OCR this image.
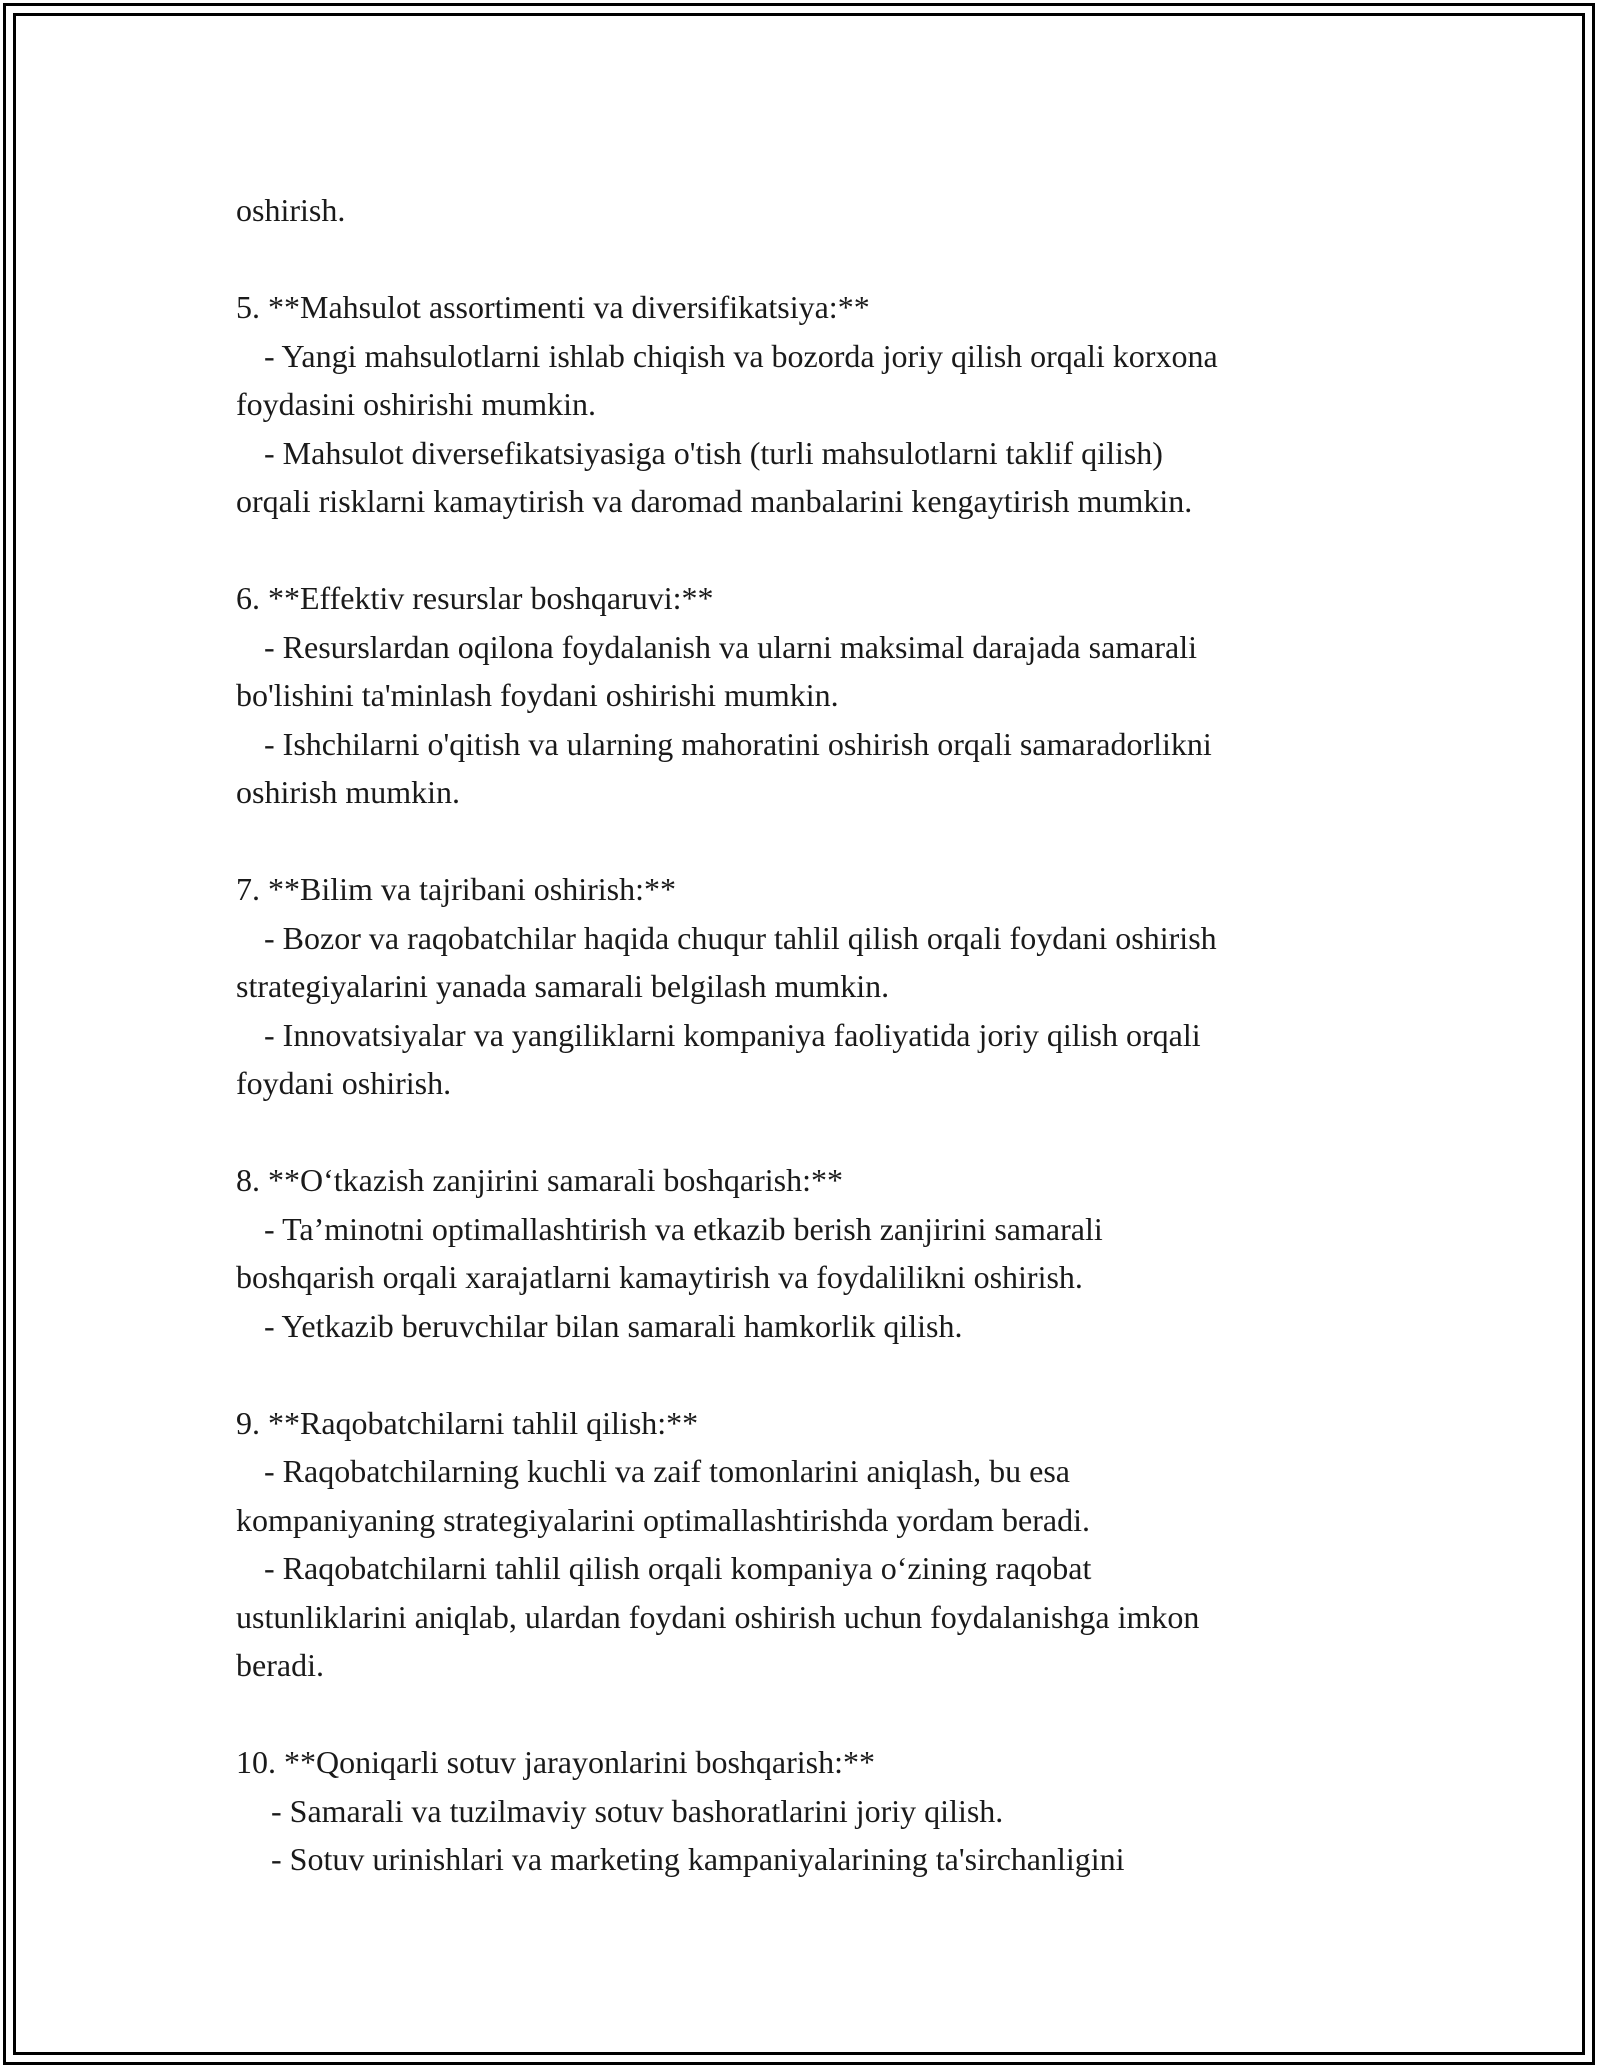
oshirish.

5. **Mahsulot assortimenti va diversifikatsiya:**

- Yangi mahsulotlarni ishlab chiqish va bozorda joriy qilish orqali korxona

foydasini oshirishi mumkin.

- Mahsulot diversefikatsiyasiga o'tish (turli mahsulotlarni taklif qilish)

orqali risklarni kamaytirish va daromad manbalarini kengaytirish mumkin.

6. **Effektiv resurslar boshqaruvi:**

- Resurslardan oqilona foydalanish va ularni maksimal darajada samarali

bo'lishini ta'minlash foydani oshirishi mumkin.

- Ishchilarni o'qitish va ularning mahoratini oshirish orqali samaradorlikni

oshirish mumkin.

7. **Bilim va tajribani oshirish:**

- Bozor va raqobatchilar haqida chuqur tahlil qilish orqali foydani oshirish

strategiyalarini yanada samarali belgilash mumkin.

- Innovatsiyalar va yangiliklarni kompaniya faoliyatida joriy qilish orqali

foydani oshirish.

8. **O‘tkazish zanjirini samarali boshqarish:**

- Ta’minotni optimallashtirish va etkazib berish zanjirini samarali

boshqarish orqali xarajatlarni kamaytirish va foydalilikni oshirish.

- Yetkazib beruvchilar bilan samarali hamkorlik qilish.

9. **Raqobatchilarni tahlil qilish:**

- Raqobatchilarning kuchli va zaif tomonlarini aniqlash, bu esa

kompaniyaning strategiyalarini optimallashtirishda yordam beradi.

- Raqobatchilarni tahlil qilish orqali kompaniya o‘zining raqobat

ustunliklarini aniqlab, ulardan foydani oshirish uchun foydalanishga imkon

beradi.

10. **Qoniqarli sotuv jarayonlarini boshqarish:**

- Samarali va tuzilmaviy sotuv bashoratlarini joriy qilish.

- Sotuv urinishlari va marketing kampaniyalarining ta'sirchanligini
